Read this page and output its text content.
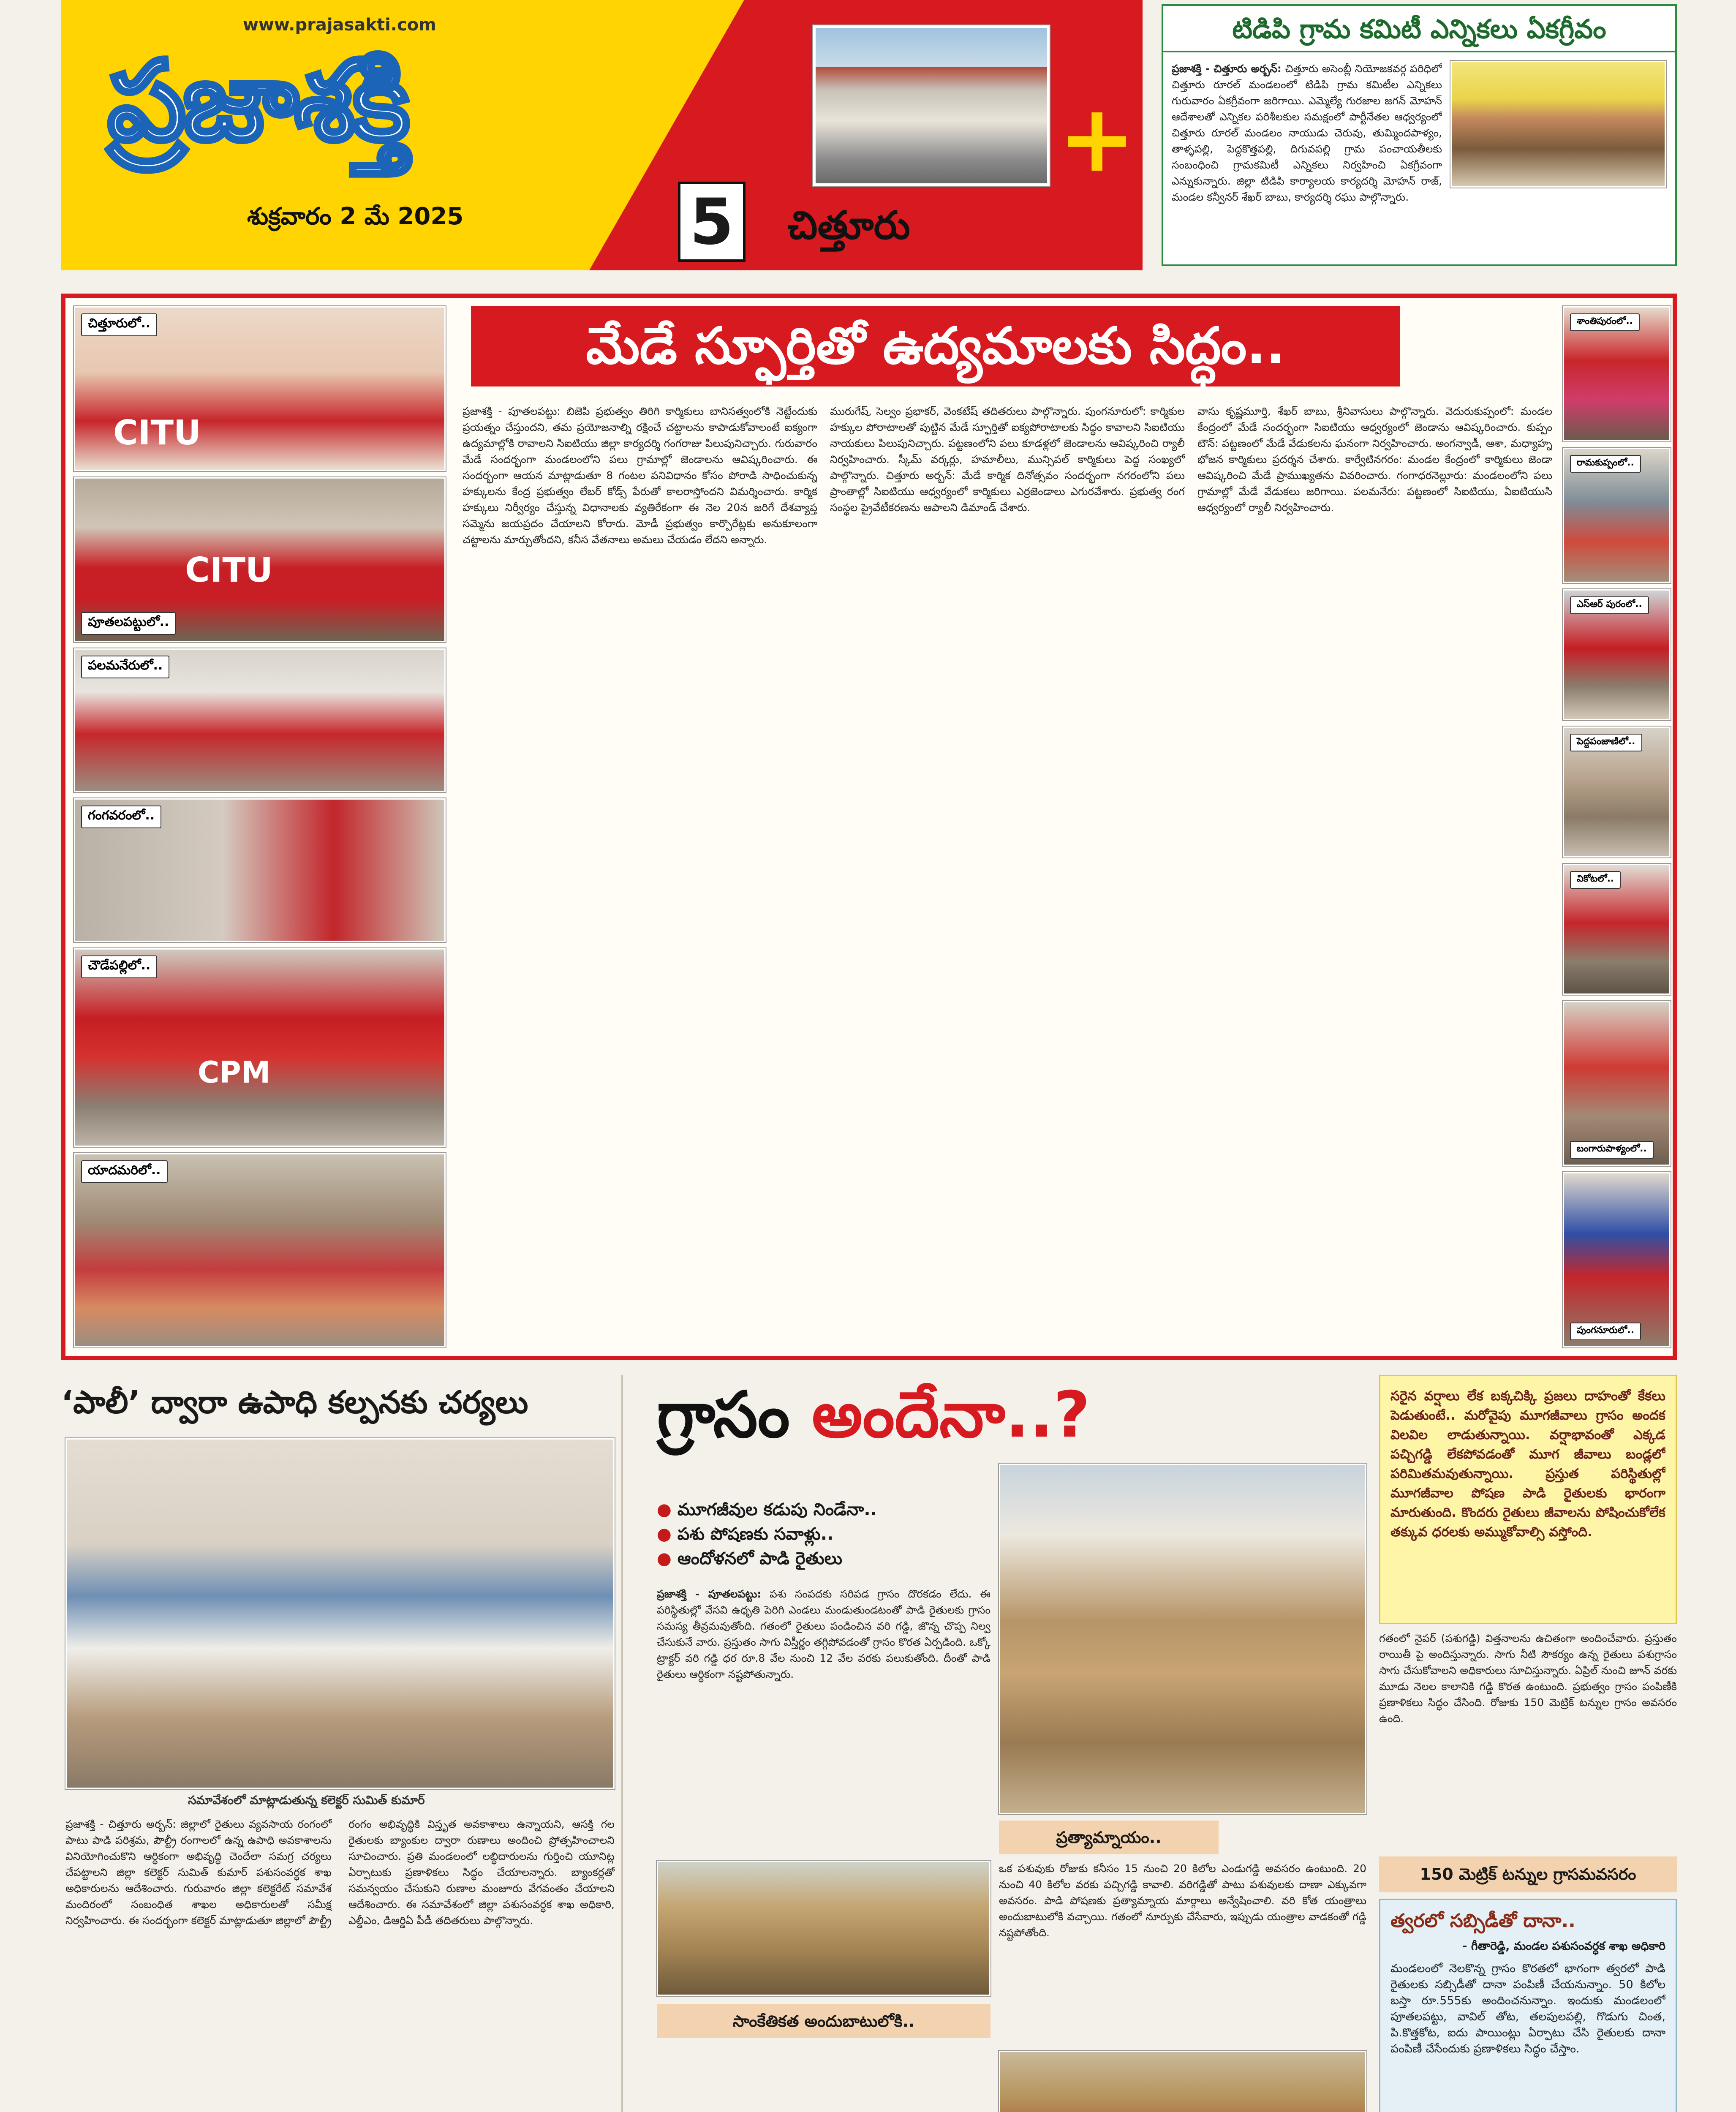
www.prajasakti.com
ప్రజాశక్తి
శుక్రవారం 2 మే 2025	5	చిత్తూరు
+
టిడిపి గ్రామ కమిటీ ఎన్నికలు ఏకగ్రీవం
ప్రజాశక్తి - చిత్తూరు అర్బన్: చిత్తూరు అసెంబ్లీ నియోజకవర్గ పరిధిలో చిత్తూరు రూరల్ మండలంలో టిడిపి గ్రామ కమిటీల ఎన్నికలు గురువారం ఏకగ్రీవంగా జరిగాయి. ఎమ్మెల్యే గురజాల జగన్ మోహన్ ఆదేశాలతో ఎన్నికల పరిశీలకుల సమక్షంలో పార్టీనేతల ఆధ్వర్యంలో చిత్తూరు రూరల్ మండలం నాయుడు చెరువు, తుమ్మిందపాళ్యం, తాళ్ళపల్లి, పెద్దకొత్తపల్లి, దిగువపల్లి గ్రామ పంచాయతీలకు సంబంధించి గ్రామకమిటీ ఎన్నికలు నిర్వహించి ఏకగ్రీవంగా ఎన్నుకున్నారు. జిల్లా టిడిపి కార్యాలయ కార్యదర్శి మోహన్ రాజ్, మండల కన్వీనర్ శేఖర్ బాబు, కార్యదర్శి రఘు పాల్గొన్నారు.
మేడే స్ఫూర్తితో ఉద్యమాలకు సిద్ధం..
చిత్తూరులో..
CITU
పూతలపట్టులో..
CITU
పలమనేరులో..
గంగవరంలో..
చౌడేపల్లిలో..
CPM
యాదమరిలో..
ప్రజాశక్తి - పూతలపట్టు: బిజెపి ప్రభుత్వం తిరిగి కార్మికులు బానిసత్వంలోకి నెట్టేందుకు ప్రయత్నం చేస్తుందని, తమ ప్రయోజనాల్ని రక్షించే చట్టాలను కాపాడుకోవాలంటే ఐక్యంగా ఉద్యమాల్లోకి రావాలని సిఐటియు జిల్లా కార్యదర్శి గంగరాజు పిలుపునిచ్చారు. గురువారం మేడే సందర్భంగా మండలంలోని పలు గ్రామాల్లో జెండాలను ఆవిష్కరించారు. ఈ సందర్భంగా ఆయన మాట్లాడుతూ 8 గంటల పనివిధానం కోసం పోరాడి సాధించుకున్న హక్కులను కేంద్ర ప్రభుత్వం లేబర్ కోడ్స్ పేరుతో కాలరాస్తోందని విమర్శించారు. కార్మిక హక్కులు నిర్వీర్యం చేస్తున్న విధానాలకు వ్యతిరేకంగా ఈ నెల 20న జరిగే దేశవ్యాప్త సమ్మెను జయప్రదం చేయాలని కోరారు. మోడీ ప్రభుత్వం కార్పొరేట్లకు అనుకూలంగా చట్టాలను మార్చుతోందని, కనీస వేతనాలు అమలు చేయడం లేదని అన్నారు.
మురుగేష్, సెల్వం ప్రభాకర్, వెంకటేష్ తదితరులు పాల్గొన్నారు. పుంగనూరులో: కార్మికుల హక్కుల పోరాటాలతో పుట్టిన మేడే స్ఫూర్తితో ఐక్యపోరాటాలకు సిద్ధం కావాలని సిఐటియు నాయకులు పిలుపునిచ్చారు. పట్టణంలోని పలు కూడళ్లలో జెండాలను ఆవిష్కరించి ర్యాలీ నిర్వహించారు. స్కీమ్ వర్కర్లు, హమాలీలు, మున్సిపల్ కార్మికులు పెద్ద సంఖ్యలో పాల్గొన్నారు. చిత్తూరు అర్బన్: మేడే కార్మిక దినోత్సవం సందర్భంగా నగరంలోని పలు ప్రాంతాల్లో సిఐటియు ఆధ్వర్యంలో కార్మికులు ఎర్రజెండాలు ఎగురవేశారు. ప్రభుత్వ రంగ సంస్థల ప్రైవేటీకరణను ఆపాలని డిమాండ్ చేశారు.
వాసు కృష్ణమూర్తి, శేఖర్ బాబు, శ్రీనివాసులు పాల్గొన్నారు. వెదురుకుప్పంలో: మండల కేంద్రంలో మేడే సందర్భంగా సిఐటియు ఆధ్వర్యంలో జెండాను ఆవిష్కరించారు. కుప్పం టౌన్: పట్టణంలో మేడే వేడుకలను ఘనంగా నిర్వహించారు. అంగన్వాడీ, ఆశా, మధ్యాహ్న భోజన కార్మికులు ప్రదర్శన చేశారు. కార్వేటినగరం: మండల కేంద్రంలో కార్మికులు జెండా ఆవిష్కరించి మేడే ప్రాముఖ్యతను వివరించారు. గంగాధరనెల్లూరు: మండలంలోని పలు గ్రామాల్లో మేడే వేడుకలు జరిగాయి. పలమనేరు: పట్టణంలో సిఐటియు, ఏఐటియుసి ఆధ్వర్యంలో ర్యాలీ నిర్వహించారు.
శాంతిపురంలో..
రామకుప్పంలో..
ఎస్ఆర్ పురంలో..
పెద్దపంజాణిలో..
వికోటలో..
బంగారుపాళ్యంలో..
పుంగనూరులో..
‘పాలీ’ ద్వారా ఉపాధి కల్పనకు చర్యలు
సమావేశంలో మాట్లాడుతున్న కలెక్టర్ సుమిత్ కుమార్
ప్రజాశక్తి - చిత్తూరు అర్బన్: జిల్లాలో రైతులు వ్యవసాయ రంగంలో పాటు పాడి పరిశ్రమ, పౌల్ట్రీ రంగాలలో ఉన్న ఉపాధి అవకాశాలను వినియోగించుకొని ఆర్థికంగా అభివృద్ధి చెందేలా సమగ్ర చర్యలు చేపట్టాలని జిల్లా కలెక్టర్ సుమిత్ కుమార్ పశుసంవర్ధక శాఖ అధికారులను ఆదేశించారు. గురువారం జిల్లా కలెక్టరేట్ సమావేశ మందిరంలో సంబంధిత శాఖల అధికారులతో సమీక్ష నిర్వహించారు. ఈ సందర్భంగా కలెక్టర్ మాట్లాడుతూ జిల్లాలో పౌల్ట్రీ రంగం అభివృద్ధికి విస్తృత అవకాశాలు ఉన్నాయని, ఆసక్తి గల రైతులకు బ్యాంకుల ద్వారా రుణాలు అందించి ప్రోత్సహించాలని సూచించారు. ప్రతి మండలంలో లబ్ధిదారులను గుర్తించి యూనిట్ల ఏర్పాటుకు ప్రణాళికలు సిద్ధం చేయాలన్నారు. బ్యాంకర్లతో సమన్వయం చేసుకుని రుణాల మంజూరు వేగవంతం చేయాలని ఆదేశించారు. ఈ సమావేశంలో జిల్లా పశుసంవర్ధక శాఖ అధికారి, ఎల్డీఎం, డిఆర్డిఏ పీడీ తదితరులు పాల్గొన్నారు.
గ్రాసం అందేనా..?
● మూగజీవుల కడుపు నిండేనా..
● పశు పోషణకు సవాళ్లు..
● ఆందోళనలో పాడి రైతులు
ప్రజాశక్తి - పూతలపట్టు: పశు సంపదకు సరిపడ గ్రాసం దొరకడం లేదు. ఈ పరిస్థితుల్లో వేసవి ఉధృతి పెరిగి ఎండలు మండుతుండటంతో పాడి రైతులకు గ్రాసం సమస్య తీవ్రమవుతోంది. గతంలో రైతులు పండించిన వరి గడ్డి, జొన్న చొప్ప నిల్వ చేసుకునే వారు. ప్రస్తుతం సాగు విస్తీర్ణం తగ్గిపోవడంతో గ్రాసం కొరత ఏర్పడింది. ఒక్కో ట్రాక్టర్ వరి గడ్డి ధర రూ.8 వేల నుంచి 12 వేల వరకు పలుకుతోంది. దీంతో పాడి రైతులు ఆర్థికంగా నష్టపోతున్నారు.
సరైన వర్షాలు లేక బక్కచిక్కి ప్రజలు దాహంతో కేకలు పెడుతుంటే.. మరోవైపు మూగజీవాలు గ్రాసం అందక విలవిల లాడుతున్నాయి. వర్షాభావంతో ఎక్కడ పచ్చిగడ్డి లేకపోవడంతో మూగ జీవాలు బండ్లలో పరిమితమవుతున్నాయి. ప్రస్తుత పరిస్థితుల్లో మూగజీవాల పోషణ పాడి రైతులకు భారంగా మారుతుంది. కొందరు రైతులు జీవాలను పోషించుకోలేక తక్కువ ధరలకు అమ్ముకోవాల్సి వస్తోంది.
గతంలో నైపర్ (పశుగడ్డి) విత్తనాలను ఉచితంగా అందించేవారు. ప్రస్తుతం రాయితీ పై అందిస్తున్నారు. సాగు నీటి సౌకర్యం ఉన్న రైతులు పశుగ్రాసం సాగు చేసుకోవాలని అధికారులు సూచిస్తున్నారు. ఏప్రిల్ నుంచి జూన్ వరకు మూడు నెలల కాలానికి గడ్డి కొరత ఉంటుంది. ప్రభుత్వం గ్రాసం పంపిణీకి ప్రణాళికలు సిద్ధం చేసింది. రోజుకు 150 మెట్రిక్ టన్నుల గ్రాసం అవసరం ఉంది.
ప్రత్యామ్నాయం..
150 మెట్రిక్ టన్నుల గ్రాసమవసరం
ఒక పశువుకు రోజుకు కనీసం 15 నుంచి 20 కిలోల ఎండుగడ్డి అవసరం ఉంటుంది. 20 నుంచి 40 కిలోల వరకు పచ్చిగడ్డి కావాలి. వరిగడ్డితో పాటు పశువులకు దాణా ఎక్కువగా అవసరం. పాడి పోషణకు ప్రత్యామ్నాయ మార్గాలు అన్వేషించాలి. వరి కోత యంత్రాలు అందుబాటులోకి వచ్చాయి. గతంలో నూర్పుకు చేసేవారు, ఇప్పుడు యంత్రాల వాడకంతో గడ్డి నష్టపోతోంది.
సాంకేతికత అందుబాటులోకి..
త్వరలో సబ్సిడీతో దానా..
- గీతారెడ్డి, మండల పశుసంవర్ధక శాఖ అధికారి
మండలంలో నెలకొన్న గ్రాసం కొరతలో భాగంగా త్వరలో పాడి రైతులకు సబ్సిడీతో దానా పంపిణీ చేయనున్నాం. 50 కిలోల బస్తా రూ.555కు అందించనున్నాం. ఇందుకు మండలంలో పూతలపట్టు, వావిల్ తోట, తలపులపల్లి, గొడుగు చింత, పి.కొత్తకోట, ఐదు పాయింట్లు ఏర్పాటు చేసి రైతులకు దానా పంపిణీ చేసేందుకు ప్రణాళికలు సిద్ధం చేస్తాం.
